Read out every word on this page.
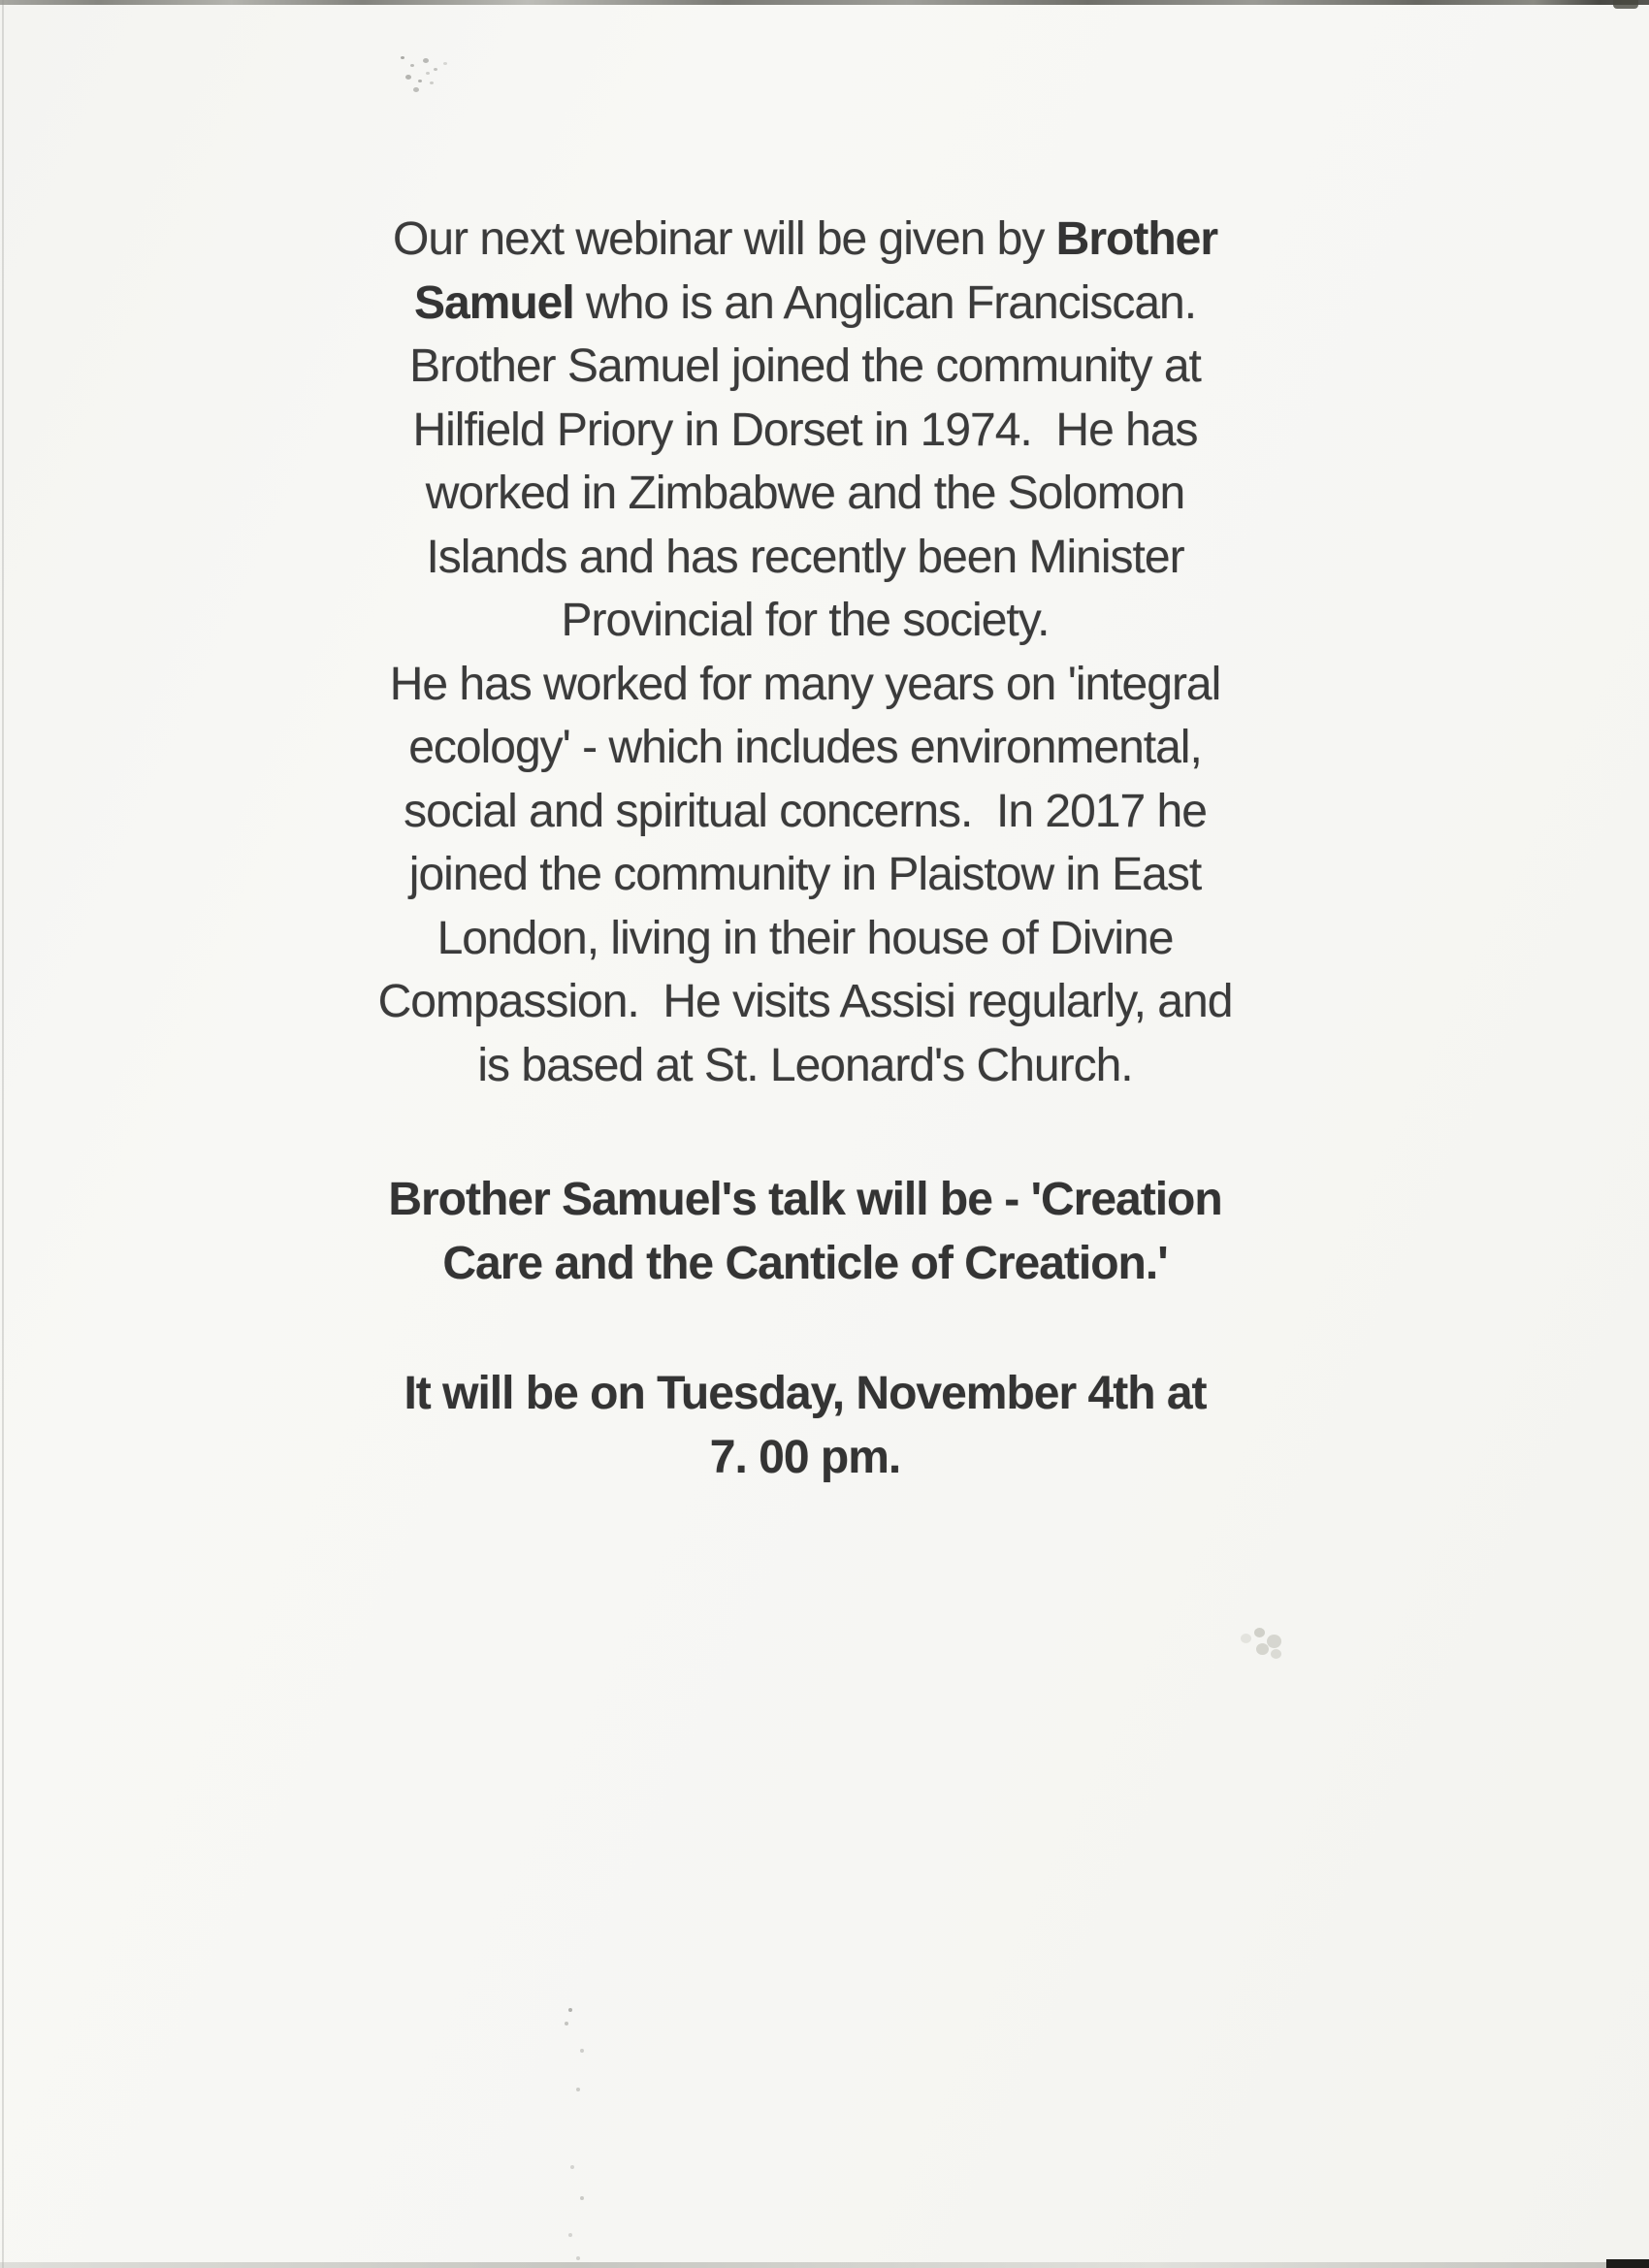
Our next webinar will be given by Brother
Samuel who is an Anglican Franciscan.
Brother Samuel joined the community at
Hilfield Priory in Dorset in 1974.  He has
worked in Zimbabwe and the Solomon
Islands and has recently been Minister
Provincial for the society.
He has worked for many years on 'integral
ecology' - which includes environmental,
social and spiritual concerns.  In 2017 he
joined the community in Plaistow in East
London, living in their house of Divine
Compassion.  He visits Assisi regularly, and
is based at St. Leonard's Church.

Brother Samuel's talk will be - 'Creation
Care and the Canticle of Creation.'

It will be on Tuesday, November 4th at
7. 00 pm.
